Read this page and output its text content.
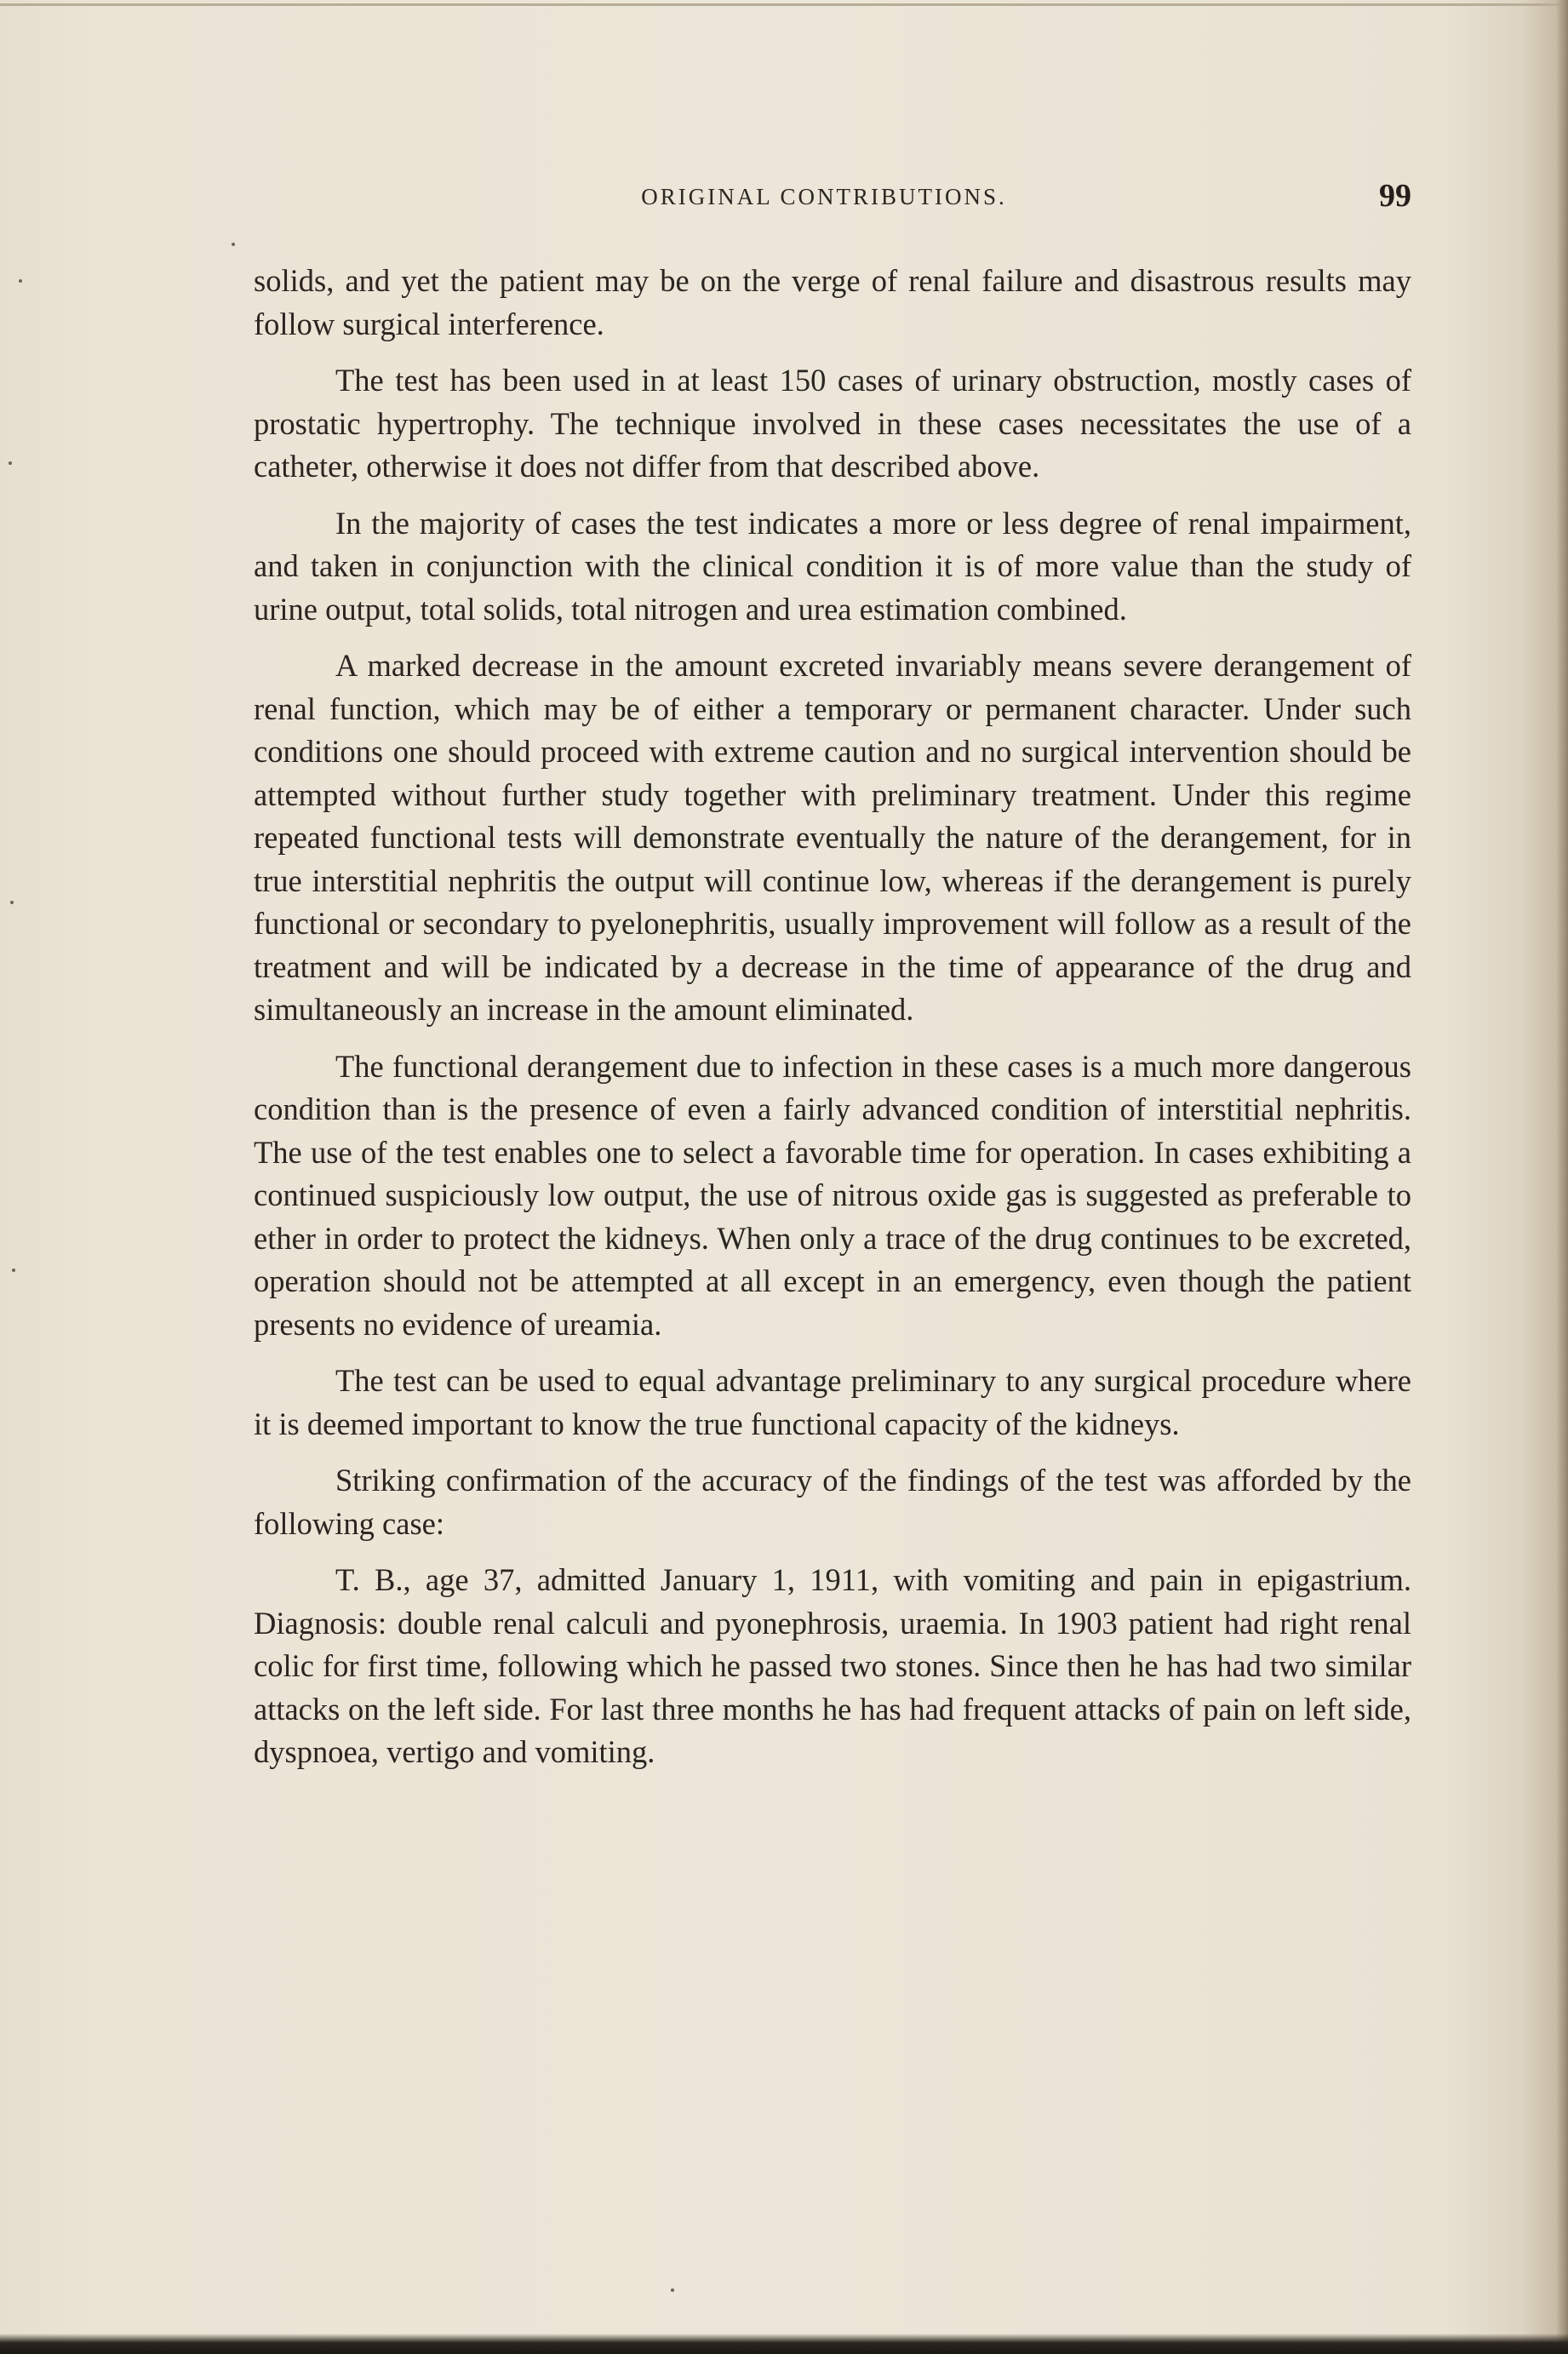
ORIGINAL CONTRIBUTIONS.	99

solids, and yet the patient may be on the verge of renal failure and disastrous results may follow surgical interference.

The test has been used in at least 150 cases of urinary obstruction, mostly cases of prostatic hypertrophy. The technique involved in these cases necessitates the use of a catheter, otherwise it does not differ from that described above.

In the majority of cases the test indicates a more or less degree of renal impairment, and taken in conjunction with the clinical condition it is of more value than the study of urine output, total solids, total nitrogen and urea estimation combined.

A marked decrease in the amount excreted invariably means severe derangement of renal function, which may be of either a temporary or permanent character. Under such conditions one should proceed with extreme caution and no surgical intervention should be attempted without further study together with preliminary treatment. Under this regime repeated functional tests will demonstrate eventually the nature of the derangement, for in true interstitial nephritis the output will continue low, whereas if the derangement is purely functional or secondary to pyelonephritis, usually improvement will follow as a result of the treatment and will be indicated by a decrease in the time of appearance of the drug and simultaneously an increase in the amount eliminated.

The functional derangement due to infection in these cases is a much more dangerous condition than is the presence of even a fairly advanced condition of interstitial nephritis. The use of the test enables one to select a favorable time for operation. In cases exhibiting a continued suspiciously low output, the use of nitrous oxide gas is suggested as preferable to ether in order to protect the kidneys. When only a trace of the drug continues to be excreted, operation should not be attempted at all except in an emergency, even though the patient presents no evidence of ureamia.

The test can be used to equal advantage preliminary to any surgical procedure where it is deemed important to know the true functional capacity of the kidneys.

Striking confirmation of the accuracy of the findings of the test was afforded by the following case:

T. B., age 37, admitted January 1, 1911, with vomiting and pain in epigastrium. Diagnosis: double renal calculi and pyonephrosis, uraemia. In 1903 patient had right renal colic for first time, following which he passed two stones. Since then he has had two similar attacks on the left side. For last three months he has had frequent attacks of pain on left side, dyspnoea, vertigo and vomiting.
